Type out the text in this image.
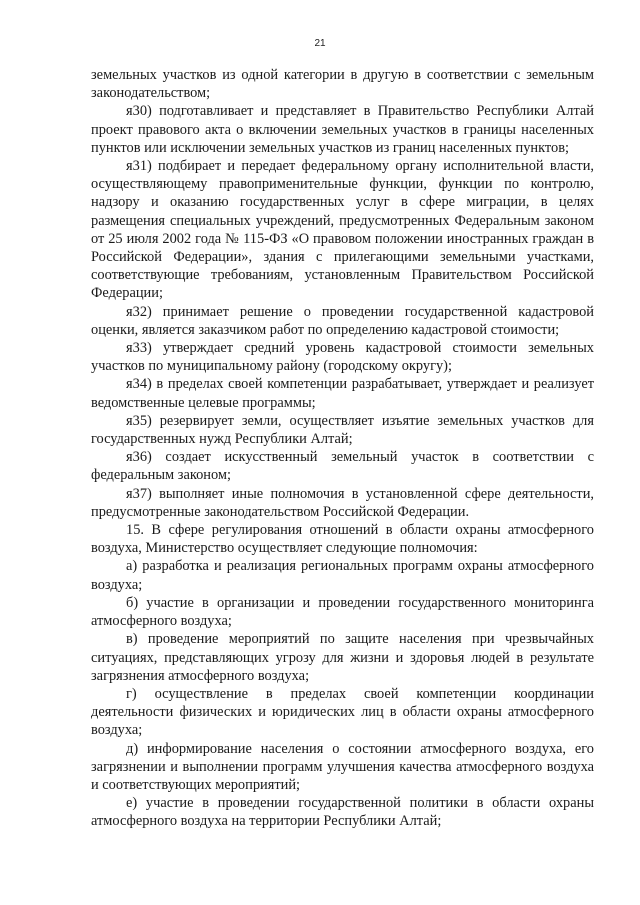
21

земельных участков из одной категории в другую в соответствии с земельным законодательством;

я30) подготавливает и представляет в Правительство Республики Алтай проект правового акта о включении земельных участков в границы населенных пунктов или исключении земельных участков из границ населенных пунктов;

я31) подбирает и передает федеральному органу исполнительной власти, осуществляющему правоприменительные функции, функции по контролю, надзору и оказанию государственных услуг в сфере миграции, в целях размещения специальных учреждений, предусмотренных Федеральным законом от 25 июля 2002 года № 115-ФЗ «О правовом положении иностранных граждан в Российской Федерации», здания с прилегающими земельными участками, соответствующие требованиям, установленным Правительством Российской Федерации;

я32) принимает решение о проведении государственной кадастровой оценки, является заказчиком работ по определению кадастровой стоимости;

я33) утверждает средний уровень кадастровой стоимости земельных участков по муниципальному району (городскому округу);

я34) в пределах своей компетенции разрабатывает, утверждает и реализует ведомственные целевые программы;

я35) резервирует земли, осуществляет изъятие земельных участков для государственных нужд Республики Алтай;

я36) создает искусственный земельный участок в соответствии с федеральным законом;

я37) выполняет иные полномочия в установленной сфере деятельности, предусмотренные законодательством Российской Федерации.

15. В сфере регулирования отношений в области охраны атмосферного воздуха, Министерство осуществляет следующие полномочия:

а) разработка и реализация региональных программ охраны атмосферного воздуха;

б) участие в организации и проведении государственного мониторинга атмосферного воздуха;

в) проведение мероприятий по защите населения при чрезвычайных ситуациях, представляющих угрозу для жизни и здоровья людей в результате загрязнения атмосферного воздуха;

г) осуществление в пределах своей компетенции координации деятельности физических и юридических лиц в области охраны атмосферного воздуха;

д) информирование населения о состоянии атмосферного воздуха, его загрязнении и выполнении программ улучшения качества атмосферного воздуха и соответствующих мероприятий;

е) участие в проведении государственной политики в области охраны атмосферного воздуха на территории Республики Алтай;
